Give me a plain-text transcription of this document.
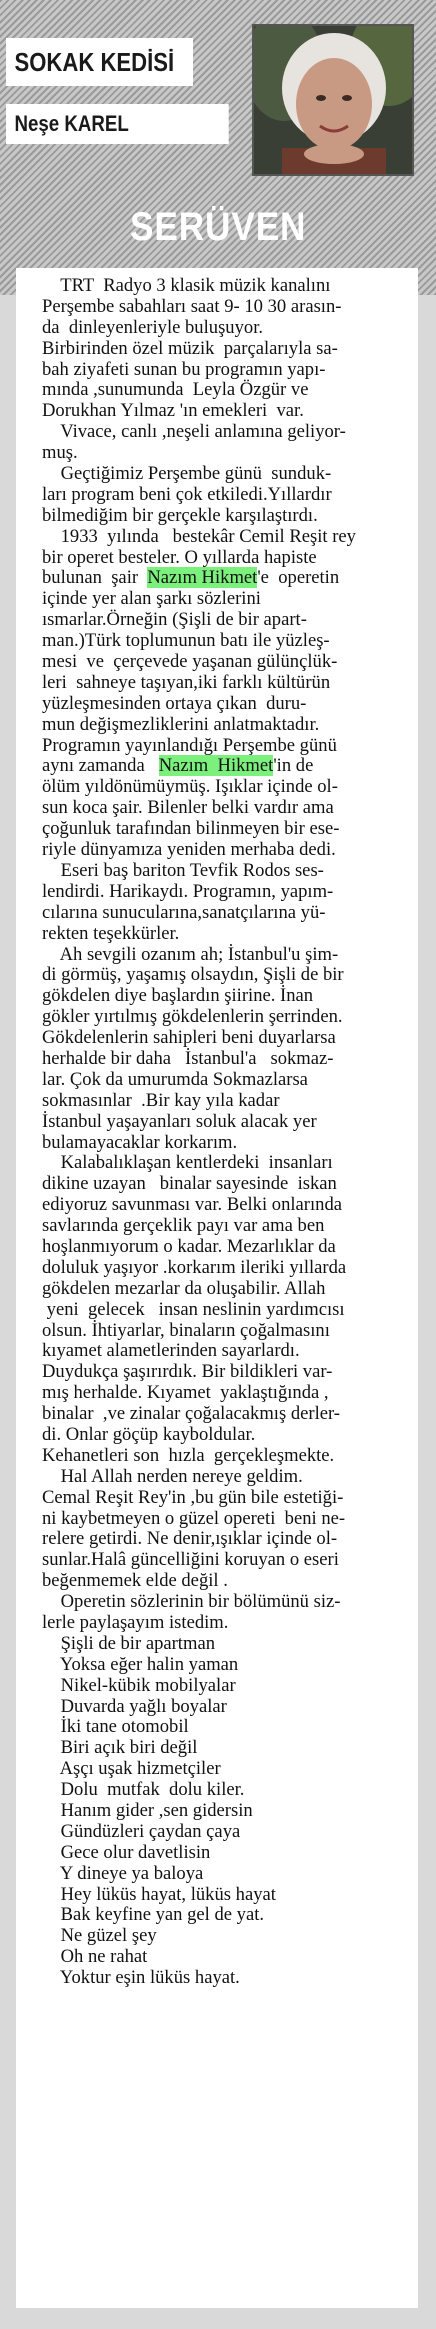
SOKAK KEDİSİ
Neşe KAREL
SERÜVEN
TRT  Radyo 3 klasik müzik kanalını
Perşembe sabahları saat 9- 10 30 arasın-
da  dinleyenleriyle buluşuyor.
Birbirinden özel müzik  parçalarıyla sa-
bah ziyafeti sunan bu programın yapı-
mında ,sunumunda  Leyla Özgür ve
Dorukhan Yılmaz 'ın emekleri  var.
Vivace, canlı ,neşeli anlamına geliyor-
muş.
Geçtiğimiz Perşembe günü  sunduk-
ları program beni çok etkiledi.Yıllardır
bilmediğim bir gerçekle karşılaştırdı.
1933  yılında   bestekâr Cemil Reşit rey
bir operet besteler. O yıllarda hapiste
bulunan  şair  Nazım Hikmet'e  operetin
içinde yer alan şarkı sözlerini
ısmarlar.Örneğin (Şişli de bir apart-
man.)Türk toplumunun batı ile yüzleş-
mesi  ve  çerçevede yaşanan gülünçlük-
leri  sahneye taşıyan,iki farklı kültürün
yüzleşmesinden ortaya çıkan  duru-
mun değişmezliklerini anlatmaktadır.
Programın yayınlandığı Perşembe günü
aynı zamanda   Nazım  Hikmet'in de
ölüm yıldönümüymüş. Işıklar içinde ol-
sun koca şair. Bilenler belki vardır ama
çoğunluk tarafından bilinmeyen bir ese-
riyle dünyamıza yeniden merhaba dedi.
Eseri baş bariton Tevfik Rodos ses-
lendirdi. Harikaydı. Programın, yapım-
cılarına sunucularına,sanatçılarına yü-
rekten teşekkürler.
Ah sevgili ozanım ah; İstanbul'u şim-
di görmüş, yaşamış olsaydın, Şişli de bir
gökdelen diye başlardın şiirine. İnan
gökler yırtılmış gökdelenlerin şerrinden.
Gökdelenlerin sahipleri beni duyarlarsa
herhalde bir daha   İstanbul'a   sokmaz-
lar. Çok da umurumda Sokmazlarsa
sokmasınlar  .Bir kay yıla kadar
İstanbul yaşayanları soluk alacak yer
bulamayacaklar korkarım.
Kalabalıklaşan kentlerdeki  insanları
dikine uzayan   binalar sayesinde  iskan
ediyoruz savunması var. Belki onlarında
savlarında gerçeklik payı var ama ben
hoşlanmıyorum o kadar. Mezarlıklar da
doluluk yaşıyor .korkarım ileriki yıllarda
gökdelen mezarlar da oluşabilir. Allah
yeni  gelecek   insan neslinin yardımcısı
olsun. İhtiyarlar, binaların çoğalmasını
kıyamet alametlerinden sayarlardı.
Duydukça şaşırırdık. Bir bildikleri var-
mış herhalde. Kıyamet  yaklaştığında ,
binalar  ,ve zinalar çoğalacakmış derler-
di. Onlar göçüp kayboldular.
Kehanetleri son  hızla  gerçekleşmekte.
Hal Allah nerden nereye geldim.
Cemal Reşit Rey'in ,bu gün bile estetiği-
ni kaybetmeyen o güzel opereti  beni ne-
relere getirdi. Ne denir,ışıklar içinde ol-
sunlar.Halâ güncelliğini koruyan o eseri
beğenmemek elde değil .
Operetin sözlerinin bir bölümünü siz-
lerle paylaşayım istedim.
Şişli de bir apartman
Yoksa eğer halin yaman
Nikel-kübik mobilyalar
Duvarda yağlı boyalar
İki tane otomobil
Biri açık biri değil
Aşçı uşak hizmetçiler
Dolu  mutfak  dolu kiler.
Hanım gider ,sen gidersin
Gündüzleri çaydan çaya
Gece olur davetlisin
Y dineye ya baloya
Hey lüküs hayat, lüküs hayat
Bak keyfine yan gel de yat.
Ne güzel şey
Oh ne rahat
Yoktur eşin lüküs hayat.
